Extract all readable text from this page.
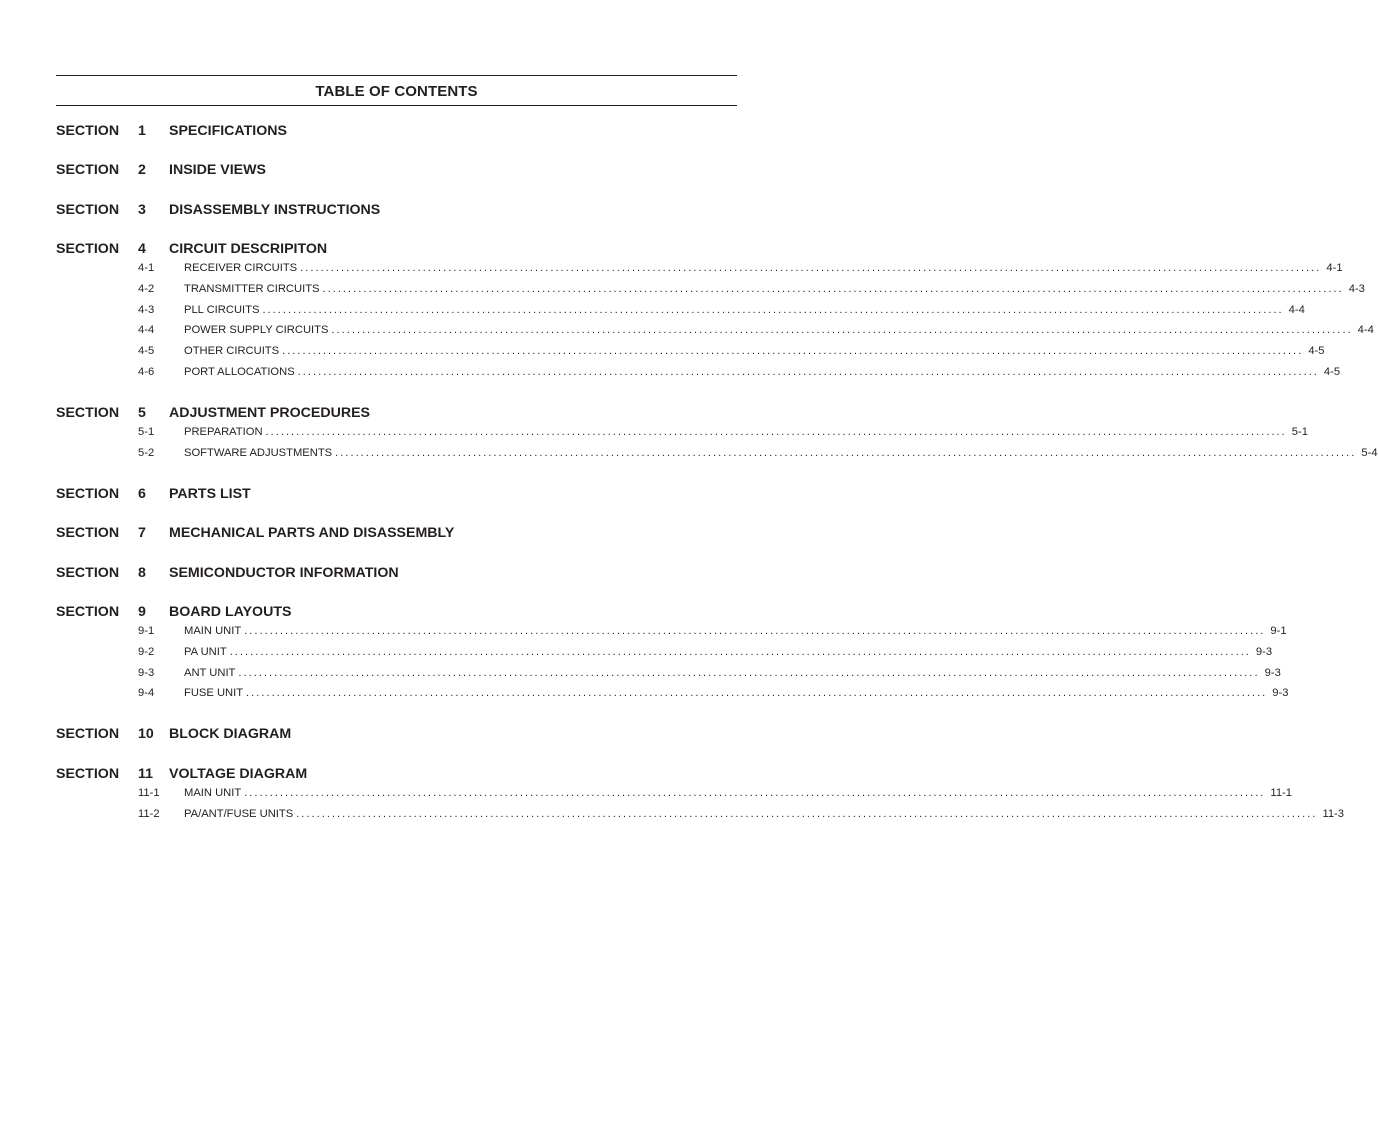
TABLE OF CONTENTS
SECTION 1 SPECIFICATIONS
SECTION 2 INSIDE VIEWS
SECTION 3 DISASSEMBLY INSTRUCTIONS
SECTION 4 CIRCUIT DESCRIPITON
4-1	RECEIVER CIRCUITS ........................................................................................................................................................................................................ 4-1
4-2	TRANSMITTER CIRCUITS ........................................................................................................................................................................................................ 4-3
4-3	PLL CIRCUITS ........................................................................................................................................................................................................ 4-4
4-4	POWER SUPPLY CIRCUITS ........................................................................................................................................................................................................ 4-4
4-5	OTHER CIRCUITS ........................................................................................................................................................................................................ 4-5
4-6	PORT ALLOCATIONS ........................................................................................................................................................................................................ 4-5
SECTION 5 ADJUSTMENT PROCEDURES
5-1	PREPARATION ........................................................................................................................................................................................................ 5-1
5-2	SOFTWARE ADJUSTMENTS ........................................................................................................................................................................................................ 5-4
SECTION 6 PARTS LIST
SECTION 7 MECHANICAL PARTS AND DISASSEMBLY
SECTION 8 SEMICONDUCTOR INFORMATION
SECTION 9 BOARD LAYOUTS
9-1	MAIN UNIT ........................................................................................................................................................................................................ 9-1
9-2	PA UNIT ........................................................................................................................................................................................................ 9-3
9-3	ANT UNIT ........................................................................................................................................................................................................ 9-3
9-4	FUSE UNIT ........................................................................................................................................................................................................ 9-3
SECTION 10 BLOCK DIAGRAM
SECTION 11 VOLTAGE DIAGRAM
11-1 MAIN UNIT ........................................................................................................................................................................................................ 11-1
11-2 PA/ANT/FUSE UNITS ........................................................................................................................................................................................................ 11-3
